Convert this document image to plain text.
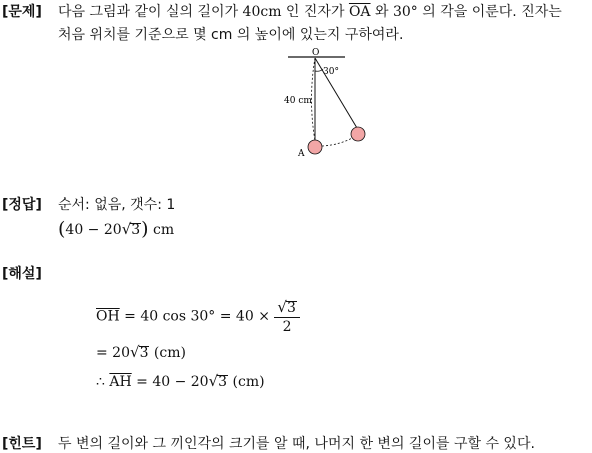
[문제] 다음 그림과 같이 실의 길이가 40cm 인 진자가 $\overline{OA}$ 와 30° 의 각을 이룬다. 진자는
처음 위치를 기준으로 몇 cm 의 높이에 있는지 구하여라.
O
30°
40 cm
A
[정답] 순서: 없음, 갯수: 1
(40 − 20√3) cm
[해설]
$\overline{OH} = 40$ $\cos 30^\circ = 40 \times \frac{√3}{2}$
= 20√3 (cm)
∴ $\overline{AH} = 40 - 20√3$ (cm)
[힌트] 두 변의 길이와 그 끼인각의 크기를 알 때, 나머지 한 변의 길이를 구할 수 있다.
